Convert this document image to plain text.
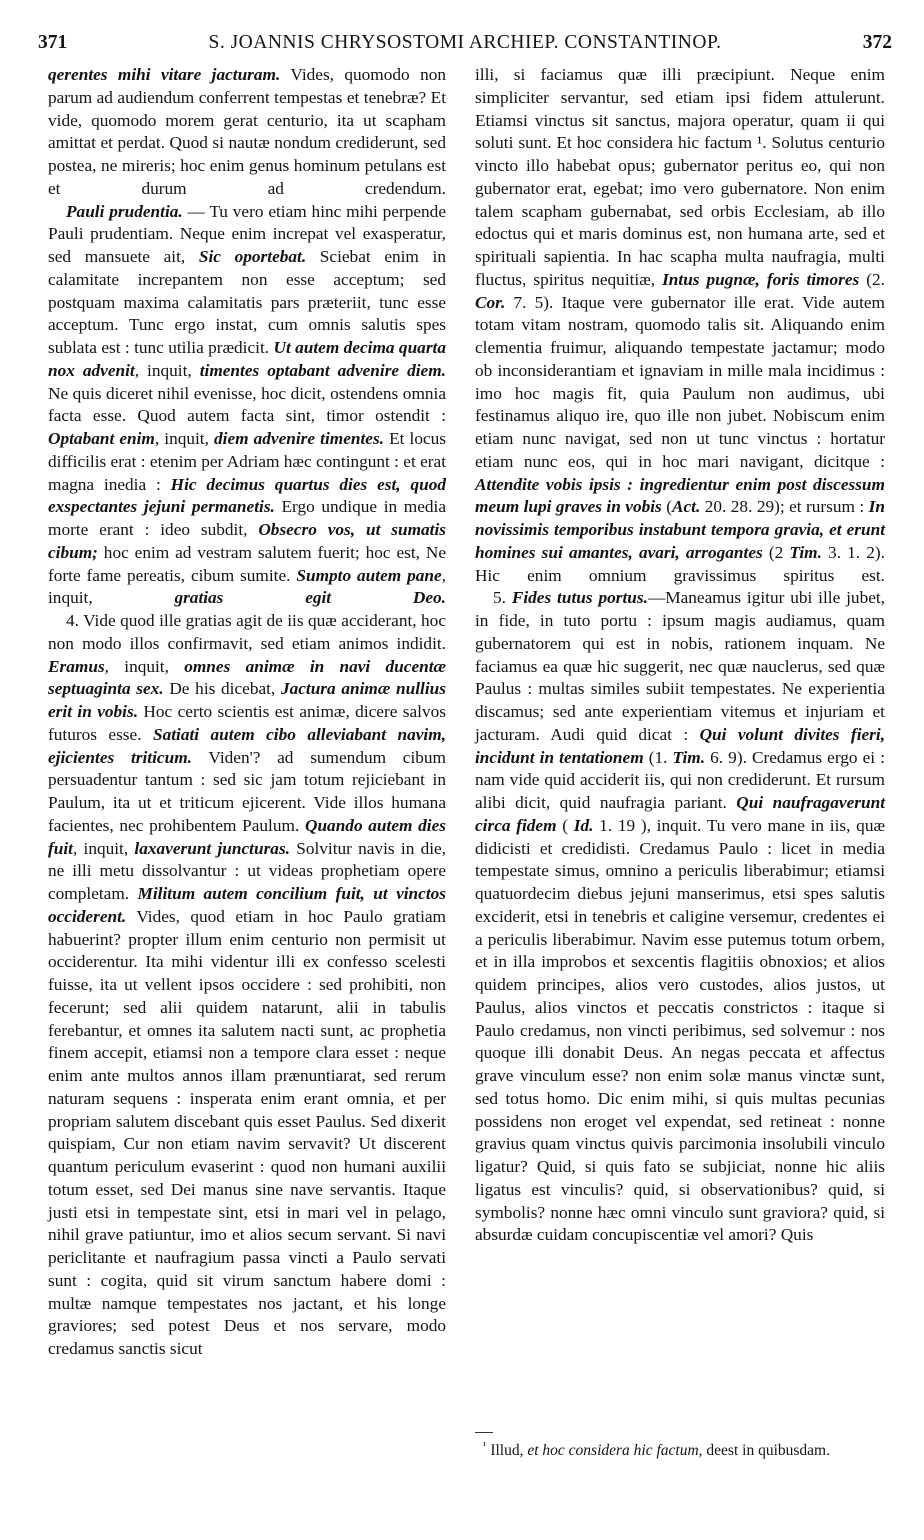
371	S. JOANNIS CHRYSOSTOMI ARCHIEP. CONSTANTINOP.	372

qerentes mihi vitare jacturam. Vides, quomodo non parum ad audiendum conferrent tempestas et tenebræ? Et vide, quomodo morem gerat centurio, ita ut scapham amittat et perdat. Quod si nautæ nondum crediderunt, sed postea, ne mireris; hoc enim genus hominum petulans est et durum ad credendum.

Pauli prudentia. — Tu vero etiam hinc mihi perpende Pauli prudentiam. Neque enim increpat vel exasperatur, sed mansuete ait, Sic oportebat. Sciebat enim in calamitate increpantem non esse acceptum; sed postquam maxima calamitatis pars præteriit, tunc esse acceptum. Tunc ergo instat, cum omnis salutis spes sublata est : tunc utilia prædicit. Ut autem decima quarta nox advenit, inquit, timentes optabant advenire diem. Ne quis diceret nihil evenisse, hoc dicit, ostendens omnia facta esse. Quod autem facta sint, timor ostendit : Optabant enim, inquit, diem advenire timentes. Et locus difficilis erat : etenim per Adriam hæc contingunt : et erat magna inedia : Hic decimus quartus dies est, quod exspectantes jejuni permanetis. Ergo undique in media morte erant : ideo subdit, Obsecro vos, ut sumatis cibum; hoc enim ad vestram salutem fuerit; hoc est, Ne forte fame pereatis, cibum sumite. Sumpto autem pane, inquit, gratias egit Deo.

4. Vide quod ille gratias agit de iis quæ acciderant, hoc non modo illos confirmavit, sed etiam animos indidit. Eramus, inquit, omnes animæ in navi ducentæ septuaginta sex. De his dicebat, Jactura animæ nullius erit in vobis. Hoc certo scientis est animæ, dicere salvos futuros esse. Satiati autem cibo alleviabant navim, ejicientes triticum. Viden'? ad sumendum cibum persuadentur tantum : sed sic jam totum rejiciebant in Paulum, ita ut et triticum ejicerent. Vide illos humana facientes, nec prohibentem Paulum. Quando autem dies fuit, inquit, laxaverunt juncturas. Solvitur navis in die, ne illi metu dissolvantur : ut videas prophetiam opere completam. Militum autem concilium fuit, ut vinctos occiderent. Vides, quod etiam in hoc Paulo gratiam habuerint? propter illum enim centurio non permisit ut occiderentur. Ita mihi videntur illi ex confesso scelesti fuisse, ita ut vellent ipsos occidere : sed prohibiti, non fecerunt; sed alii quidem natarunt, alii in tabulis ferebantur, et omnes ita salutem nacti sunt, ac prophetia finem accepit, etiamsi non a tempore clara esset : neque enim ante multos annos illam prænuntiarat, sed rerum naturam sequens : insperata enim erant omnia, et per propriam salutem discebant quis esset Paulus. Sed dixerit quispiam, Cur non etiam navim servavit? Ut discerent quantum periculum evaserint : quod non humani auxilii totum esset, sed Dei manus sine nave servantis. Itaque justi etsi in tempestate sint, etsi in mari vel in pelago, nihil grave patiuntur, imo et alios secum servant. Si navi periclitante et naufragium passa vincti a Paulo servati sunt : cogita, quid sit virum sanctum habere domi : multæ namque tempestates nos jactant, et his longe graviores; sed potest Deus et nos servare, modo credamus sanctis sicut

illi, si faciamus quæ illi præcipiunt. Neque enim simpliciter servantur, sed etiam ipsi fidem attulerunt. Etiamsi vinctus sit sanctus, majora operatur, quam ii qui soluti sunt. Et hoc considera hic factum ¹. Solutus centurio vincto illo habebat opus; gubernator peritus eo, qui non gubernator erat, egebat; imo vero gubernatore. Non enim talem scapham gubernabat, sed orbis Ecclesiam, ab illo edoctus qui et maris dominus est, non humana arte, sed et spirituali sapientia. In hac scapha multa naufragia, multi fluctus, spiritus nequitiæ, Intus pugnæ, foris timores (2. Cor. 7. 5). Itaque vere gubernator ille erat. Vide autem totam vitam nostram, quomodo talis sit. Aliquando enim clementia fruimur, aliquando tempestate jactamur; modo ob inconsiderantiam et ignaviam in mille mala incidimus : imo hoc magis fit, quia Paulum non audimus, ubi festinamus aliquo ire, quo ille non jubet. Nobiscum enim etiam nunc navigat, sed non ut tunc vinctus : hortatur etiam nunc eos, qui in hoc mari navigant, dicitque : Attendite vobis ipsis : ingredientur enim post discessum meum lupi graves in vobis (Act. 20. 28. 29); et rursum : In novissimis temporibus instabunt tempora gravia, et erunt homines sui amantes, avari, arrogantes (2 Tim. 3. 1. 2). Hic enim omnium gravissimus spiritus est.

5. Fides tutus portus.—Maneamus igitur ubi ille jubet, in fide, in tuto portu : ipsum magis audiamus, quam gubernatorem qui est in nobis, rationem inquam. Ne faciamus ea quæ hic suggerit, nec quæ nauclerus, sed quæ Paulus : multas similes subiit tempestates. Ne experientia discamus; sed ante experientiam vitemus et injuriam et jacturam. Audi quid dicat : Qui volunt divites fieri, incidunt in tentationem (1. Tim. 6. 9). Credamus ergo ei : nam vide quid acciderit iis, qui non crediderunt. Et rursum alibi dicit, quid naufragia pariant. Qui naufragaverunt circa fidem ( Id. 1. 19 ), inquit. Tu vero mane in iis, quæ didicisti et credidisti. Credamus Paulo : licet in media tempestate simus, omnino a periculis liberabimur; etiamsi quatuordecim diebus jejuni manserimus, etsi spes salutis exciderit, etsi in tenebris et caligine versemur, credentes ei a periculis liberabimur. Navim esse putemus totum orbem, et in illa improbos et sexcentis flagitiis obnoxios; et alios quidem principes, alios vero custodes, alios justos, ut Paulus, alios vinctos et peccatis constrictos : itaque si Paulo credamus, non vincti peribimus, sed solvemur : nos quoque illi donabit Deus. An negas peccata et affectus grave vinculum esse? non enim solæ manus vinctæ sunt, sed totus homo. Dic enim mihi, si quis multas pecunias possidens non eroget vel expendat, sed retineat : nonne gravius quam vinctus quivis parcimonia insolubili vinculo ligatur? Quid, si quis fato se subjiciat, nonne hic aliis ligatus est vinculis? quid, si observationibus? quid, si symbolis? nonne hæc omni vinculo sunt graviora? quid, si absurdæ cuidam concupiscentiæ vel amori? Quis

$^{^1}$ Illud, et hoc considera hic factum, deest in quibusdam.
